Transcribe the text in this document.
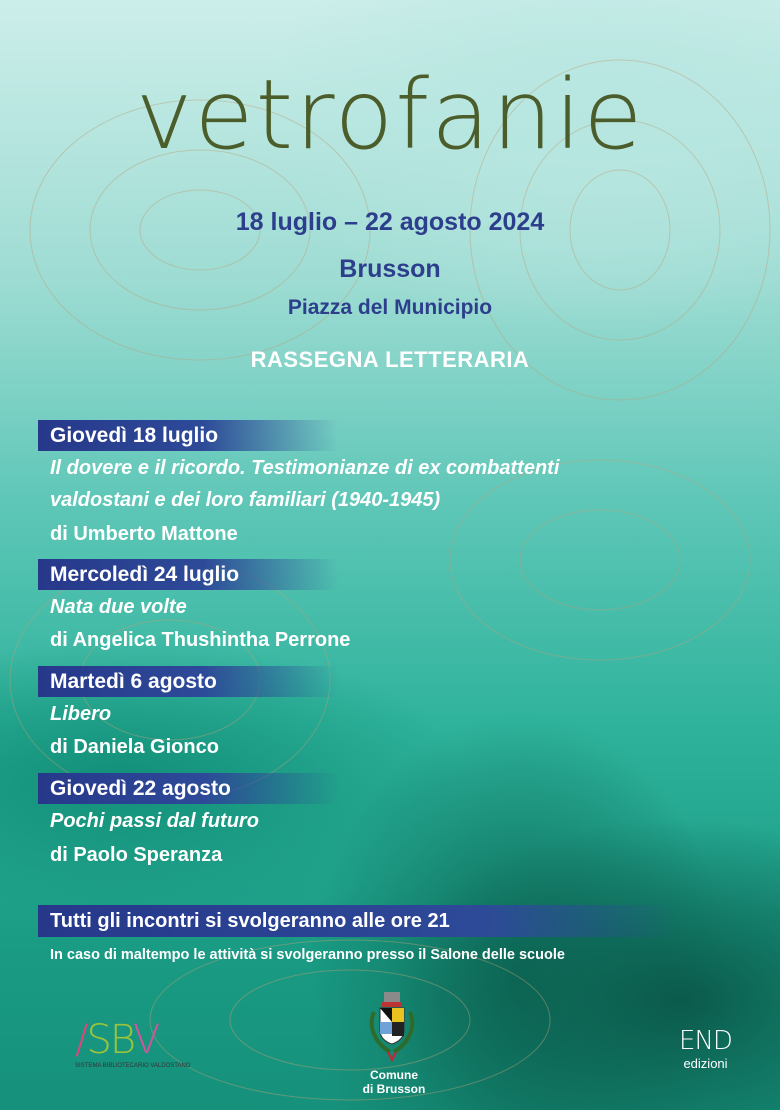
vetrofanie
18 luglio – 22 agosto 2024
Brusson
Piazza del Municipio
RASSEGNA LETTERARIA
Giovedì 18 luglio
Il dovere e il ricordo. Testimonianze di ex combattenti
valdostani e dei loro familiari (1940-1945)
di Umberto Mattone
Mercoledì 24 luglio
Nata due volte
di Angelica Thushintha Perrone
Martedì 6 agosto
Libero
di Daniela Gionco
Giovedì 22 agosto
Pochi passi dal futuro
di Paolo Speranza
Tutti gli incontri si svolgeranno alle ore 21
In caso di maltempo le attività si svolgeranno presso il Salone delle scuole
/SBV
SISTEMA BIBLIOTECARIO VALDOSTANO
Comune
di Brusson
END
edizioni
